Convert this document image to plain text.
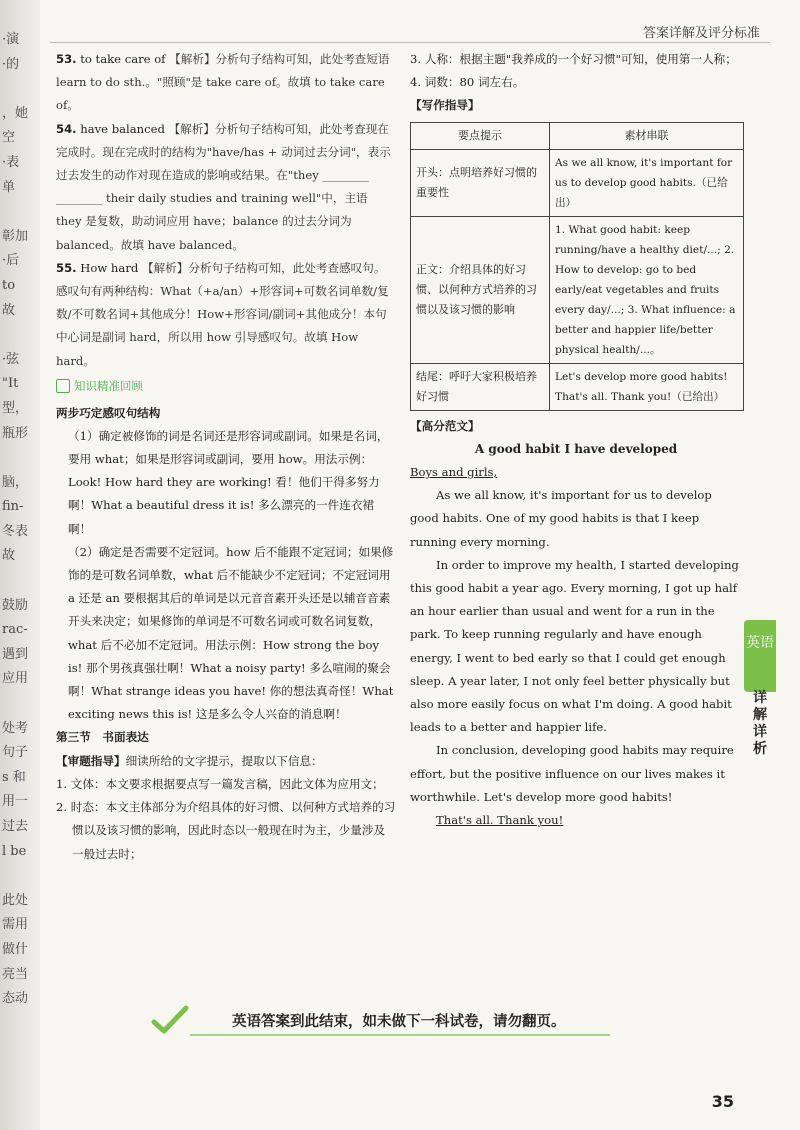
·演
·的
，她
空
·表
单
彰加
·后
to
故
·弦
"It
型，
瓶形
脑，
fin-
冬表
故
鼓励
rac-
遇到
应用
处考
句子
s 和
用一
过去
l be
此处
需用
做什
亮当
态动
答案详解及评分标准

53. to take care of 【解析】分析句子结构可知，此处考查短语 learn to do sth.。"照顾"是 take care of。故填 to take care of。

54. have balanced 【解析】分析句子结构可知，此处考查现在完成时。现在完成时的结构为"have/has + 动词过去分词"，表示过去发生的动作对现在造成的影响或结果。在"they ________ ________ their daily studies and training well"中，主语 they 是复数，助动词应用 have；balance 的过去分词为 balanced。故填 have balanced。

55. How hard 【解析】分析句子结构可知，此处考查感叹句。感叹句有两种结构：What（+a/an）+形容词+可数名词单数/复数/不可数名词+其他成分！How+形容词/副词+其他成分！本句中心词是副词 hard，所以用 how 引导感叹句。故填 How hard。

知识精准回顾

两步巧定感叹句结构

（1）确定被修饰的词是名词还是形容词或副词。如果是名词，要用 what；如果是形容词或副词，要用 how。用法示例：Look! How hard they are working! 看！他们干得多努力啊！What a beautiful dress it is! 多么漂亮的一件连衣裙啊！

（2）确定是否需要不定冠词。how 后不能跟不定冠词；如果修饰的是可数名词单数，what 后不能缺少不定冠词；不定冠词用 a 还是 an 要根据其后的单词是以元音音素开头还是以辅音音素开头来决定；如果修饰的单词是不可数名词或可数名词复数，what 后不必加不定冠词。用法示例：How strong the boy is! 那个男孩真强壮啊！What a noisy party! 多么喧闹的聚会啊！What strange ideas you have! 你的想法真奇怪！What exciting news this is! 这是多么令人兴奋的消息啊！

第三节　书面表达

【审题指导】细读所给的文字提示，提取以下信息：

1. 文体：本文要求根据要点写一篇发言稿，因此文体为应用文；

2. 时态：本文主体部分为介绍具体的好习惯、以何种方式培养的习惯以及该习惯的影响，因此时态以一般现在时为主，少量涉及一般过去时；

3. 人称：根据主题"我养成的一个好习惯"可知，使用第一人称；

4. 词数：80 词左右。

【写作指导】

要点提示	素材串联
开头：点明培养好习惯的重要性	As we all know, it's important for us to develop good habits.（已给出）
正文：介绍具体的好习惯、以何种方式培养的习惯以及该习惯的影响	1. What good habit: keep running/have a healthy diet/...; 2. How to develop: go to bed early/eat vegetables and fruits every day/...; 3. What influence: a better and happier life/better physical health/...。
结尾：呼吁大家积极培养好习惯	Let's develop more good habits! That's all. Thank you!（已给出）

【高分范文】

A good habit I have developed

Boys and girls,

As we all know, it's important for us to develop good habits. One of my good habits is that I keep running every morning.

In order to improve my health, I started developing this good habit a year ago. Every morning, I got up half an hour earlier than usual and went for a run in the park. To keep running regularly and have enough energy, I went to bed early so that I could get enough sleep. A year later, I not only feel better physically but also more easily focus on what I'm doing. A good habit leads to a better and happier life.

In conclusion, developing good habits may require effort, but the positive influence on our lives makes it worthwhile. Let's develop more good habits!

That's all. Thank you!

英语
详解详析
英语答案到此结束，如未做下一科试卷，请勿翻页。
35
